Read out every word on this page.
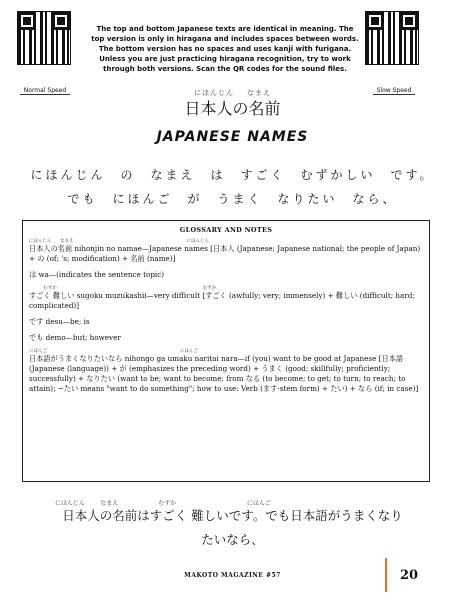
Normal Speed	Slow Speed
The top and bottom Japanese texts are identical in meaning. The top version is only in hiragana and includes spaces between words. The bottom version has no spaces and uses kanji with furigana. Unless you are just practicing hiragana recognition, try to work through both versions. Scan the QR codes for the sound files.
にほんじん    なまえ
日本人の名前
JAPANESE NAMES
にほんじん　の　なまえ　は　すごく　むずかしい　です。
でも　にほんご　が　うまく　なりたい　なら、
GLOSSARY AND NOTES
にほんじん      なまえ                                                                               にほんじん
日本人の名前 nihonjin no namae—Japanese names [日本人 (Japanese; Japanese national; the people of Japan) + の (of; 's; modification) + 名前 (name)]
は wa—(indicates the sentence topic)
むずか                                                                                                      むずか
すごく 難しい sugoku muzukashii—very difficult [すごく (awfully; very; immensely) + 難しい (difficult; hard; complicated)]
です desu—be; is
でも demo—but; however
にほんご                                                                                             にほんご
日本語がうまくなりたいなら nihongo ga umaku naritai nara—if (you) want to be good at Japanese [日本語 (Japanese (language)) + が (emphasizes the preceding word) + うまく (good; skillfully; proficiently; successfully) + なりたい (want to be; want to become; from なる (to become; to get; to turn; to reach; to attain); ~たい means "want to do something"; how to use: Verb (ます-stem form) + たい) + なら (if; in case)]
にほんじん        なまえ                     むずか                                     にほんご
日本人の名前はすごく 難しいです。でも日本語がうまくなり
たいなら、
MAKOTO MAGAZINE #57	20
